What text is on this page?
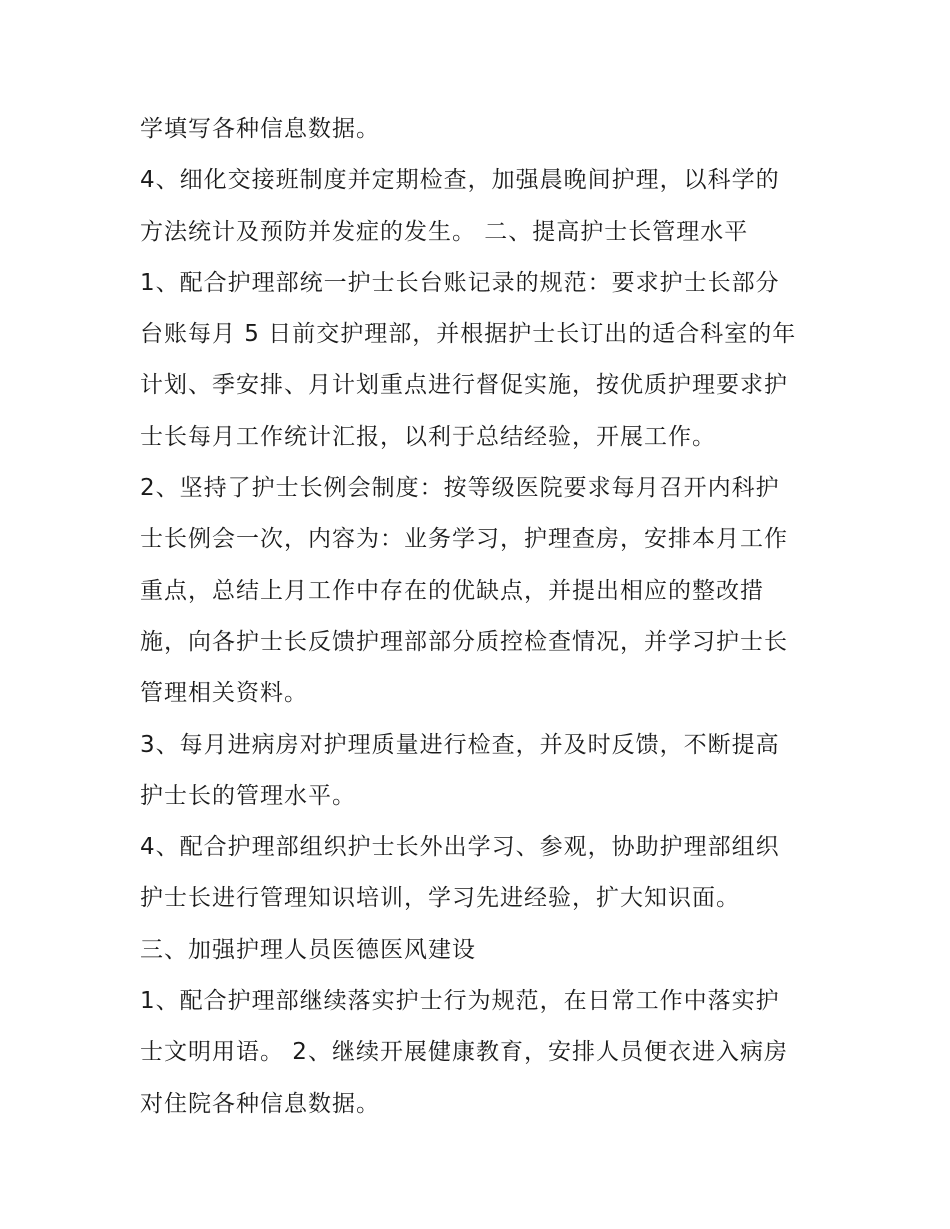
学填写各种信息数据。
4、细化交接班制度并定期检查，加强晨晚间护理，以科学的
方法统计及预防并发症的发生。 二、提高护士长管理水平
1、配合护理部统一护士长台账记录的规范：要求护士长部分
台账每月 5 日前交护理部，并根据护士长订出的适合科室的年
计划、季安排、月计划重点进行督促实施，按优质护理要求护
士长每月工作统计汇报，以利于总结经验，开展工作。
2、坚持了护士长例会制度：按等级医院要求每月召开内科护
士长例会一次，内容为：业务学习，护理查房，安排本月工作
重点，总结上月工作中存在的优缺点，并提出相应的整改措
施，向各护士长反馈护理部部分质控检查情况，并学习护士长
管理相关资料。
3、每月进病房对护理质量进行检查，并及时反馈，不断提高
护士长的管理水平。
4、配合护理部组织护士长外出学习、参观，协助护理部组织
护士长进行管理知识培训，学习先进经验，扩大知识面。
三、加强护理人员医德医风建设
1、配合护理部继续落实护士行为规范，在日常工作中落实护
士文明用语。 2、继续开展健康教育，安排人员便衣进入病房
对住院各种信息数据。
